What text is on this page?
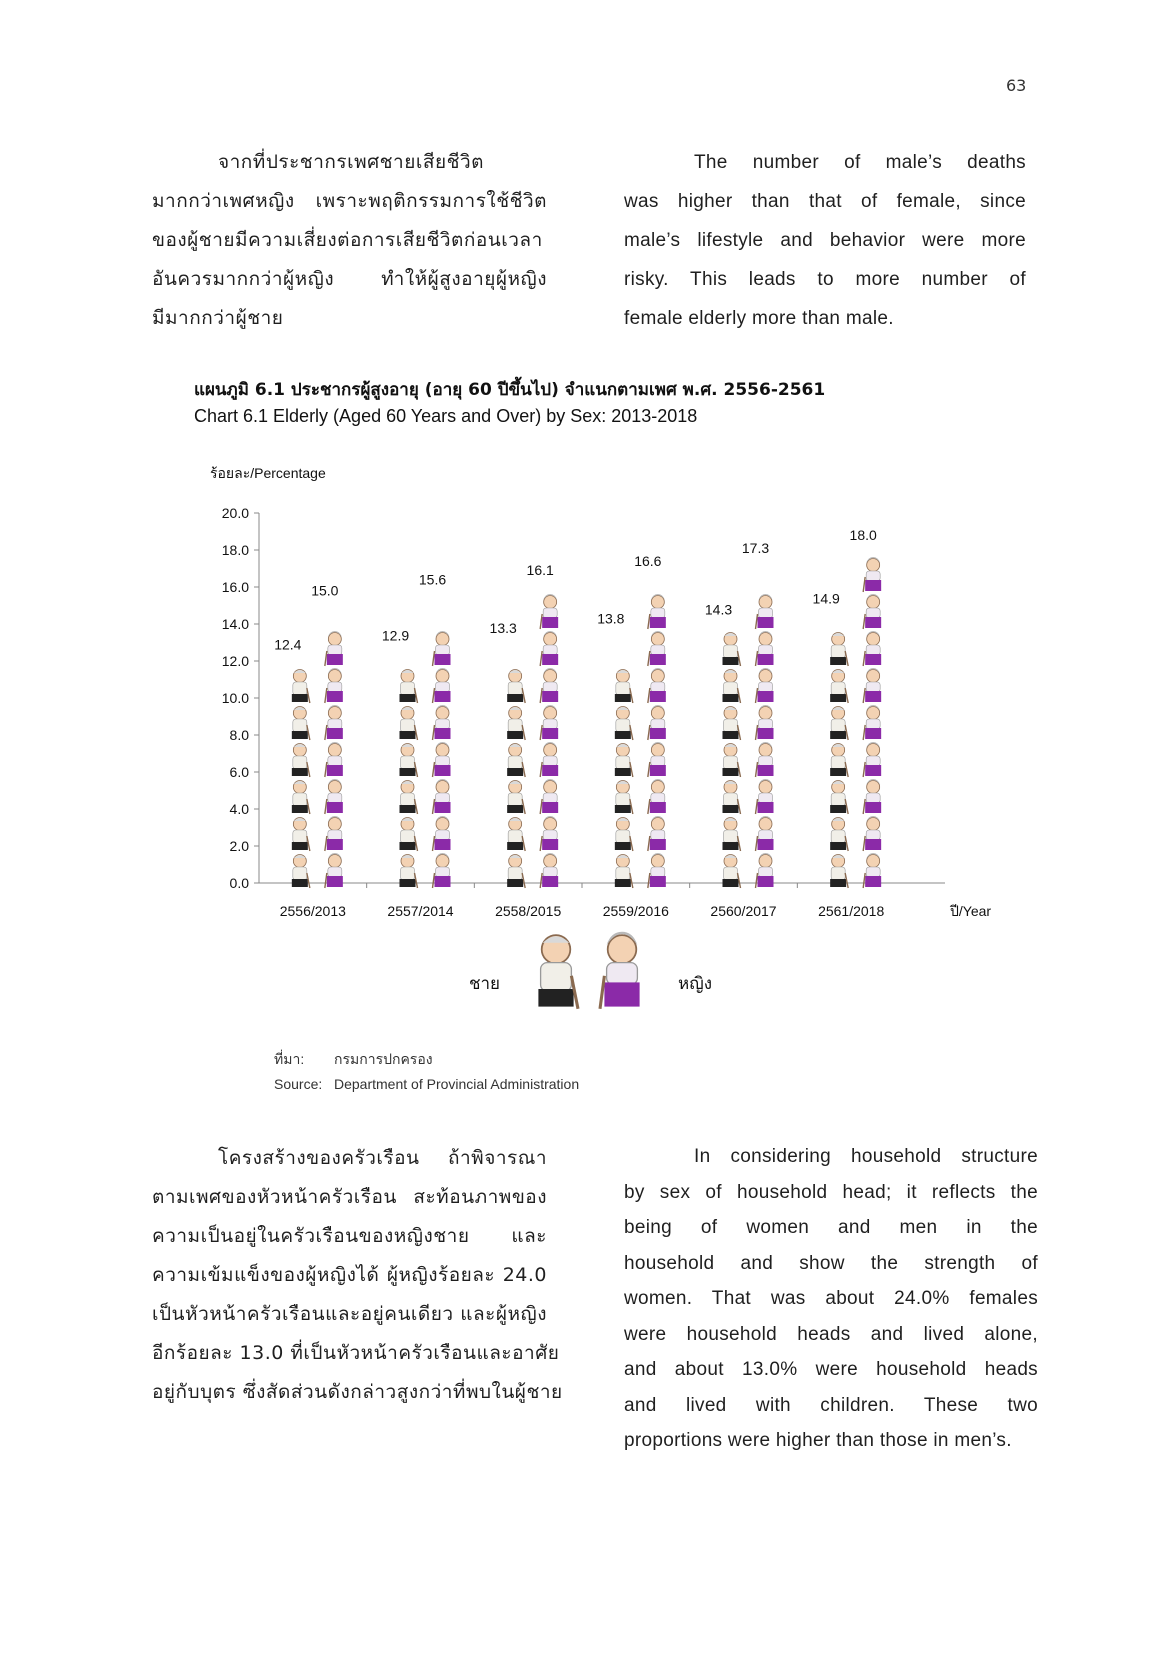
63
จากที่ประชากรเพศชายเสียชีวิต
มากกว่าเพศหญิง เพราะพฤติกรรมการใช้ชีวิต
ของผู้ชายมีความเสี่ยงต่อการเสียชีวิตก่อนเวลา
อันควรมากกว่าผู้หญิง ทำให้ผู้สูงอายุผู้หญิง
มีมากกว่าผู้ชาย
The number of male’s deaths
was higher than that of female, since
male’s lifestyle and behavior were more
risky. This leads to more number of
female elderly more than male.
แผนภูมิ 6.1 ประชากรผู้สูงอายุ (อายุ 60 ปีขึ้นไป) จำแนกตามเพศ พ.ศ. 2556-2561
Chart 6.1 Elderly (Aged 60 Years and Over) by Sex: 2013-2018
ร้อยละ/Percentage
0.0
2.0
4.0
6.0
8.0
10.0
12.0
14.0
16.0
18.0
20.0
12.4
15.0
12.9
15.6
13.3
16.1
13.8
16.6
14.3
17.3
14.9
18.0
2556/2013	2557/2014	2558/2015	2559/2016	2560/2017	2561/2018	ปี/Year
ชาย	หญิง
ที่มา: กรมการปกครอง
Source: Department of Provincial Administration
โครงสร้างของครัวเรือน ถ้าพิจารณา
ตามเพศของหัวหน้าครัวเรือน สะท้อนภาพของ
ความเป็นอยู่ในครัวเรือนของหญิงชาย และ
ความเข้มแข็งของผู้หญิงได้ ผู้หญิงร้อยละ 24.0
เป็นหัวหน้าครัวเรือนและอยู่คนเดียว และผู้หญิง
อีกร้อยละ 13.0 ที่เป็นหัวหน้าครัวเรือนและอาศัย
อยู่กับบุตร ซึ่งสัดส่วนดังกล่าวสูงกว่าที่พบในผู้ชาย
In considering household structure
by sex of household head; it reflects the
being of women and men in the
household and show the strength of
women. That was about 24.0% females
were household heads and lived alone,
and about 13.0% were household heads
and lived with children. These two
proportions were higher than those in men’s.
